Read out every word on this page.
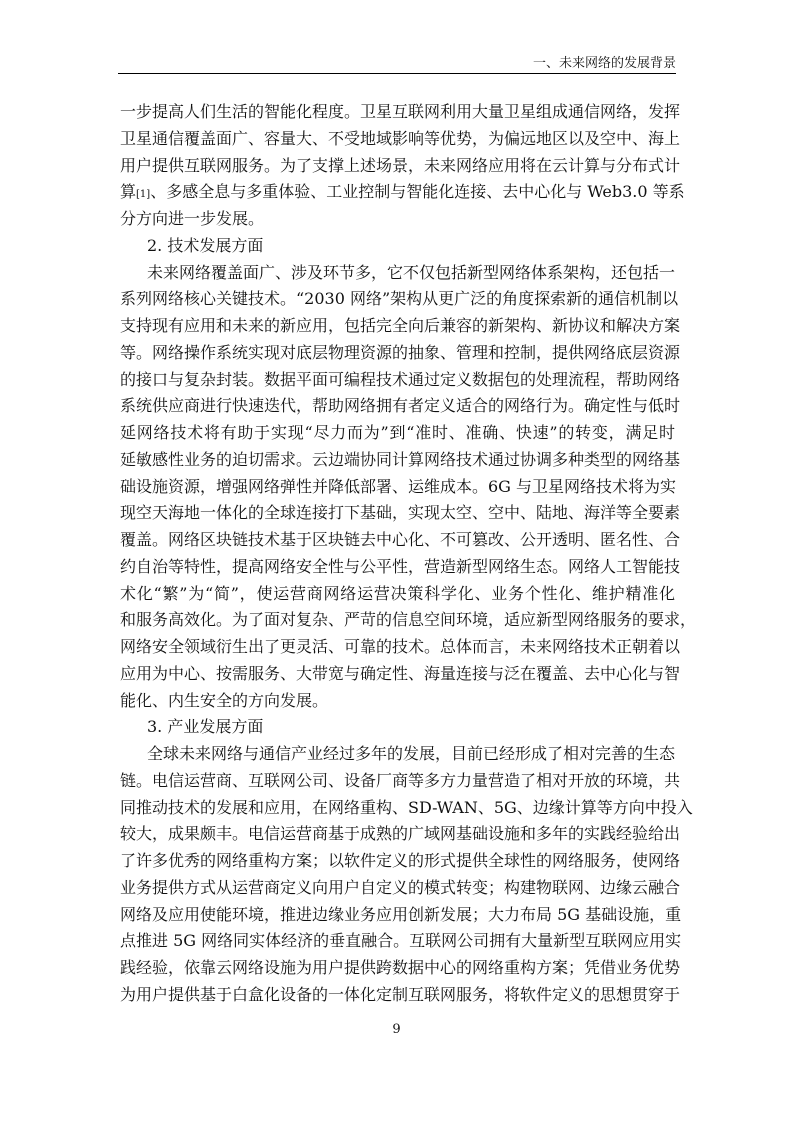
一、未来网络的发展背景
一步提高人们生活的智能化程度。卫星互联网利用大量卫星组成通信网络，发挥
卫星通信覆盖面广、容量大、不受地域影响等优势，为偏远地区以及空中、海上
用户提供互联网服务。为了支撑上述场景，未来网络应用将在云计算与分布式计
算[1]、多感全息与多重体验、工业控制与智能化连接、去中心化与 Web3.0 等系
分方向进一步发展。
2. 技术发展方面
未来网络覆盖面广、涉及环节多，它不仅包括新型网络体系架构，还包括一
系列网络核心关键技术。“2030 网络”架构从更广泛的角度探索新的通信机制以
支持现有应用和未来的新应用，包括完全向后兼容的新架构、新协议和解决方案
等。网络操作系统实现对底层物理资源的抽象、管理和控制，提供网络底层资源
的接口与复杂封装。数据平面可编程技术通过定义数据包的处理流程，帮助网络
系统供应商进行快速迭代，帮助网络拥有者定义适合的网络行为。确定性与低时
延网络技术将有助于实现“尽力而为”到“准时、准确、快速”的转变，满足时
延敏感性业务的迫切需求。云边端协同计算网络技术通过协调多种类型的网络基
础设施资源，增强网络弹性并降低部署、运维成本。6G 与卫星网络技术将为实
现空天海地一体化的全球连接打下基础，实现太空、空中、陆地、海洋等全要素
覆盖。网络区块链技术基于区块链去中心化、不可篡改、公开透明、匿名性、合
约自治等特性，提高网络安全性与公平性，营造新型网络生态。网络人工智能技
术化“繁”为“简”，使运营商网络运营决策科学化、业务个性化、维护精准化
和服务高效化。为了面对复杂、严苛的信息空间环境，适应新型网络服务的要求，
网络安全领域衍生出了更灵活、可靠的技术。总体而言，未来网络技术正朝着以
应用为中心、按需服务、大带宽与确定性、海量连接与泛在覆盖、去中心化与智
能化、内生安全的方向发展。
3. 产业发展方面
全球未来网络与通信产业经过多年的发展，目前已经形成了相对完善的生态
链。电信运营商、互联网公司、设备厂商等多方力量营造了相对开放的环境，共
同推动技术的发展和应用，在网络重构、SD-WAN、5G、边缘计算等方向中投入
较大，成果颇丰。电信运营商基于成熟的广域网基础设施和多年的实践经验给出
了许多优秀的网络重构方案；以软件定义的形式提供全球性的网络服务，使网络
业务提供方式从运营商定义向用户自定义的模式转变；构建物联网、边缘云融合
网络及应用使能环境，推进边缘业务应用创新发展；大力布局 5G 基础设施，重
点推进 5G 网络同实体经济的垂直融合。互联网公司拥有大量新型互联网应用实
践经验，依靠云网络设施为用户提供跨数据中心的网络重构方案；凭借业务优势
为用户提供基于白盒化设备的一体化定制互联网服务，将软件定义的思想贯穿于
9
